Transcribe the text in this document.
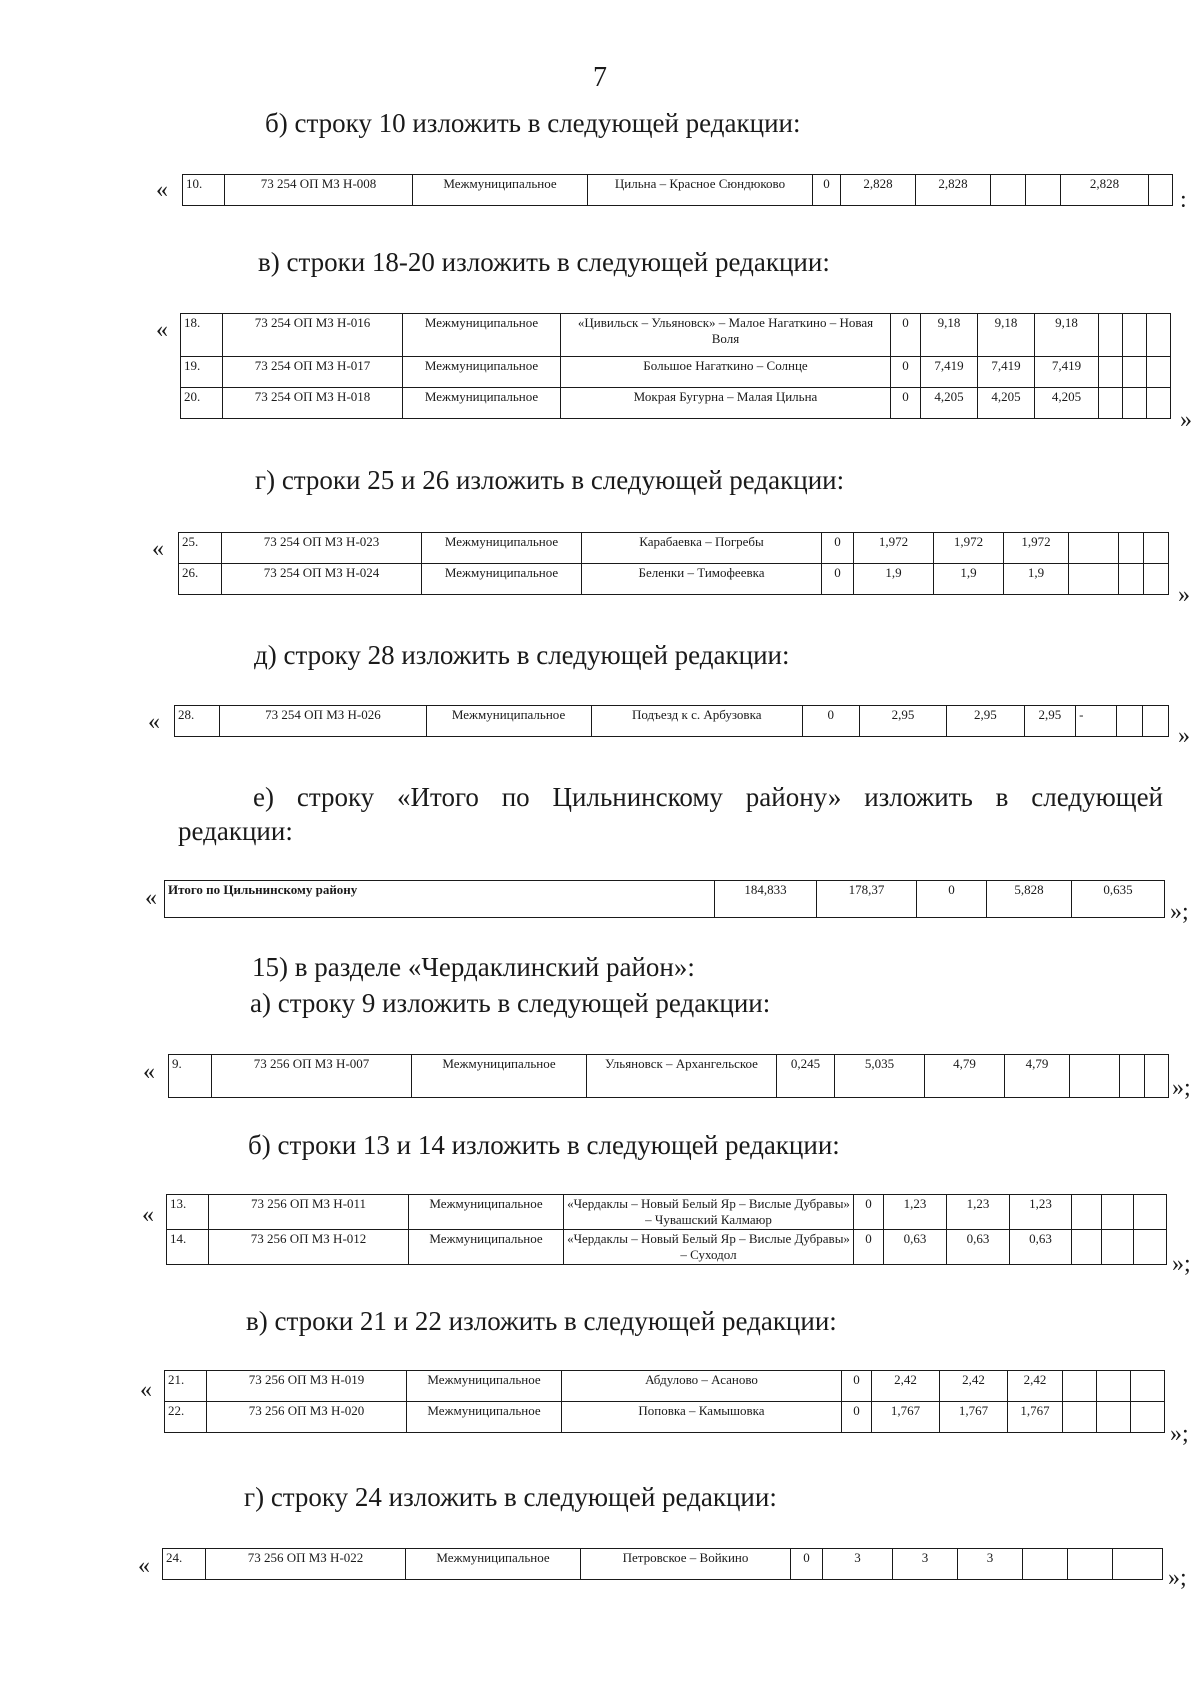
7
б) строку 10 изложить в следующей редакции:
« 10.	73 254 ОП МЗ Н-008	Межмуниципальное	Цильна – Красное Сюндюково	0	2,828	2,828			2,828	
:
в) строки 18-20 изложить в следующей редакции:
« 18.	73 254 ОП МЗ Н-016	Межмуниципальное	«Цивильск – Ульяновск» – Малое Нагаткино – Новая Воля	0	9,18	9,18	9,18			
19.	73 254 ОП МЗ Н-017	Межмуниципальное	Большое Нагаткино – Солнце	0	7,419	7,419	7,419			
20.	73 254 ОП МЗ Н-018	Межмуниципальное	Мокрая Бугурна – Малая Цильна	0	4,205	4,205	4,205			
»
г) строки 25 и 26 изложить в следующей редакции:
« 25.	73 254 ОП МЗ Н-023	Межмуниципальное	Карабаевка – Погребы	0	1,972	1,972	1,972			
26.	73 254 ОП МЗ Н-024	Межмуниципальное	Беленки – Тимофеевка	0	1,9	1,9	1,9			
»
д) строку 28 изложить в следующей редакции:
« 28.	73 254 ОП МЗ Н-026	Межмуниципальное	Подъезд к с. Арбузовка	0	2,95	2,95	2,95	-		
»
е) строку «Итого по Цильнинскому району» изложить в следующей
редакции:
« Итого по Цильнинскому району	184,833	178,37	0	5,828	0,635
»;
15) в разделе «Чердаклинский район»:
а) строку 9 изложить в следующей редакции:
« 9.	73 256 ОП МЗ Н-007	Межмуниципальное	Ульяновск – Архангельское	0,245	5,035	4,79	4,79			
»;
б) строки 13 и 14 изложить в следующей редакции:
« 13.	73 256 ОП МЗ Н-011	Межмуниципальное	«Чердаклы – Новый Белый Яр – Вислые Дубравы» – Чувашский Калмаюр	0	1,23	1,23	1,23			
14.	73 256 ОП МЗ Н-012	Межмуниципальное	«Чердаклы – Новый Белый Яр – Вислые Дубравы» – Суходол	0	0,63	0,63	0,63			
»;
в) строки 21 и 22 изложить в следующей редакции:
« 21.	73 256 ОП МЗ Н-019	Межмуниципальное	Абдулово – Асаново	0	2,42	2,42	2,42			
22.	73 256 ОП МЗ Н-020	Межмуниципальное	Поповка – Камышовка	0	1,767	1,767	1,767			
»;
г) строку 24 изложить в следующей редакции:
« 24.	73 256 ОП МЗ Н-022	Межмуниципальное	Петровское – Войкино	0	3	3	3			
»;
